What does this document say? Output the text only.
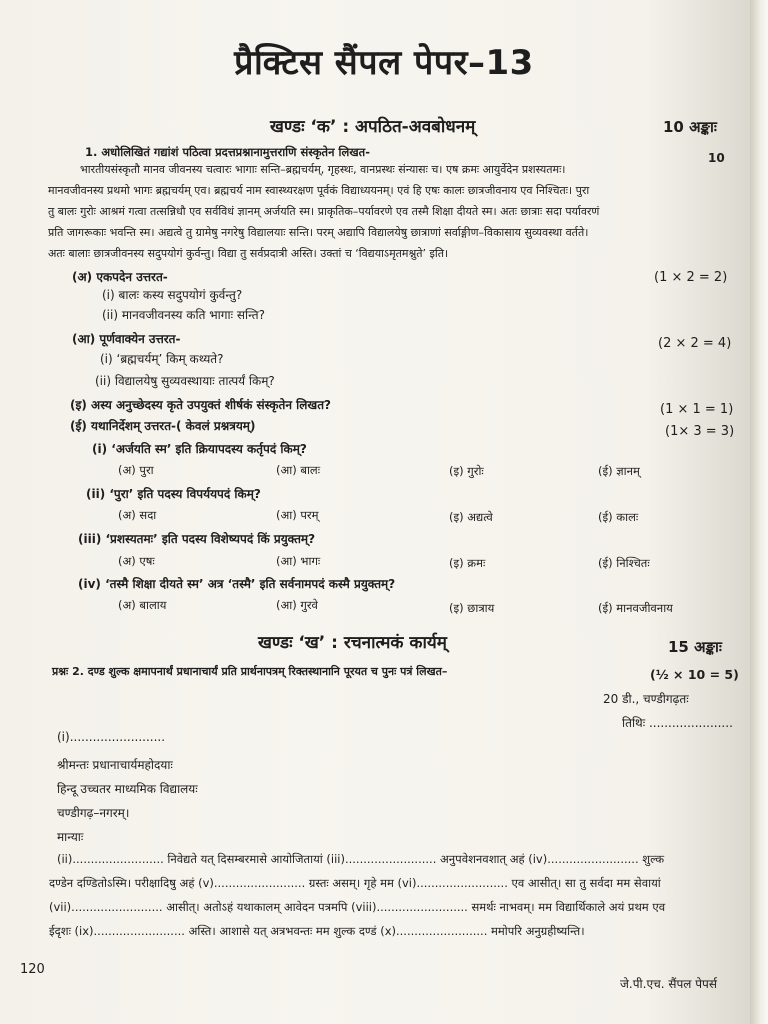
प्रैक्टिस सैंपल पेपर–13
खण्डः ‘क’ : अपठित-अवबोधनम्	10 अङ्काः
1. अधोलिखितं गद्यांशं पठित्वा प्रदत्तप्रश्नानामुत्तराणि संस्कृतेन लिखत-	10
भारतीयसंस्कृतौ मानव जीवनस्य चत्वारः भागाः सन्ति–ब्रह्मचर्यम्, गृहस्थः, वानप्रस्थः संन्यासः च। एष क्रमः आयुर्वेदेन प्रशस्यतमः।
मानवजीवनस्य प्रथमो भागः ब्रह्मचर्यम् एव। ब्रह्मचर्य नाम स्वास्थ्यरक्षण पूर्वकं विद्याध्ययनम्। एवं हि एषः कालः छात्रजीवनाय एव निश्चितः। पुरा
तु बालः गुरोः आश्रमं गत्वा तत्सन्निधौ एव सर्वविधं ज्ञानम् अर्जयति स्म। प्राकृतिक–पर्यावरणे एव तस्मै शिक्षा दीयते स्म। अतः छात्राः सदा पर्यावरणं
प्रति जागरूकाः भवन्ति स्म। अद्यत्वे तु ग्रामेषु नगरेषु विद्यालयाः सन्ति। परम् अद्यापि विद्यालयेषु छात्राणां सर्वाङ्गीण–विकासाय सुव्यवस्था वर्तते।
अतः बालाः छात्रजीवनस्य सदुपयोगं कुर्वन्तु। विद्या तु सर्वप्रदात्री अस्ति। उक्तां च ‘विद्ययाऽमृतमश्नुते’ इति।
(अ) एकपदेन उत्तरत-	(1 × 2 = 2)
(i) बालः कस्य सदुपयोगं कुर्वन्तु?
(ii) मानवजीवनस्य कति भागाः सन्ति?
(आ) पूर्णवाक्येन उत्तरत-	(2 × 2 = 4)
(i) ‘ब्रह्मचर्यम्’ किम् कथ्यते?
(ii) विद्यालयेषु सुव्यवस्थायाः तात्पर्यं किम्?
(इ) अस्य अनुच्छेदस्य कृते उपयुक्तं शीर्षकं संस्कृतेन लिखत?	(1 × 1 = 1)
(ई) यथानिर्देशम् उत्तरत-( केवलं प्रश्नत्रयम्)	(1× 3 = 3)
(i) ‘अर्जयति स्म’ इति क्रियापदस्य कर्तृपदं किम्?
(अ) पुरा	(आ) बालः	(इ) गुरोः	(ई) ज्ञानम्
(ii) ‘पुरा’ इति पदस्य विपर्ययपदं किम्?
(अ) सदा	(आ) परम्	(इ) अद्यत्वे	(ई) कालः
(iii) ‘प्रशस्यतमः’ इति पदस्य विशेष्यपदं किं प्रयुक्तम्?
(अ) एषः	(आ) भागः	(इ) क्रमः	(ई) निश्चितः
(iv) ‘तस्मै शिक्षा दीयते स्म’ अत्र ‘तस्मै’ इति सर्वनामपदं कस्मै प्रयुक्तम्?
(अ) बालाय	(आ) गुरवे	(इ) छात्राय	(ई) मानवजीवनाय
खण्डः ‘ख’ : रचनात्मकं कार्यम्	15 अङ्काः
प्रश्नः 2. दण्ड शुल्क क्षमापनार्थं प्रधानाचार्यं प्रति प्रार्थनापत्रम् रिक्तस्थानानि पूरयत च पुनः पत्रं लिखत–	(½ × 10 = 5)
20 डी., चण्डीगढ़तः
तिथिः ......................
(i).........................
श्रीमन्तः प्रधानाचार्यमहोदयाः
हिन्दू उच्चतर माध्यमिक विद्यालयः
चण्डीगढ़–नगरम्।
मान्याः
(ii)......................... निवेद्यते यत् दिसम्बरमासे आयोजितायां (iii)......................... अनुपवेशनवशात् अहं (iv)......................... शुल्क
दण्डेन दण्डितोऽस्मि। परीक्षादिषु अहं (v)......................... ग्रस्तः असम्। गृहे मम (vi)......................... एव आसीत्। सा तु सर्वदा मम सेवायां
(vii)......................... आसीत्। अतोऽहं यथाकालम् आवेदन पत्रमपि (viii)......................... समर्थः नाभवम्। मम विद्यार्थिकाले अयं प्रथम एव
ईदृशः (ix)......................... अस्ति। आशासे यत् अत्रभवन्तः मम शुल्क दण्डं (x)......................... ममोपरि अनुग्रहीष्यन्ति।
120
जे.पी.एच. सैंपल पेपर्स
